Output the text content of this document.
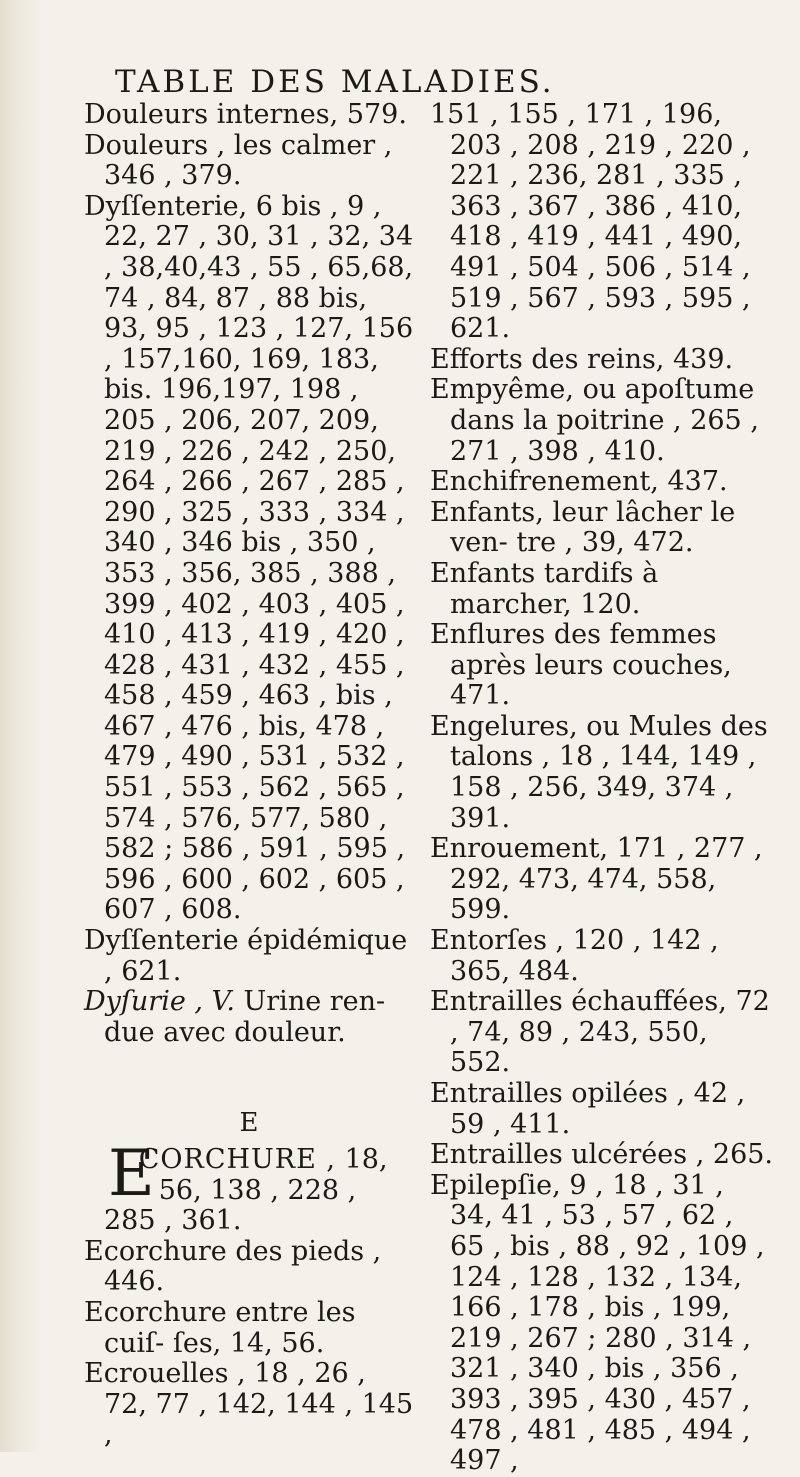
TABLE DES MALADIES.
Douleurs internes, 579.
Douleurs , les calmer , 346 , 379.
Dyſſenterie, 6 bis , 9 , 22, 27 , 30, 31 , 32, 34 , 38,40,43 , 55 , 65,68, 74 , 84, 87 , 88 bis, 93, 95 , 123 , 127, 156 , 157,160, 169, 183, bis. 196,197, 198 , 205 , 206, 207, 209, 219 , 226 , 242 , 250, 264 , 266 , 267 , 285 , 290 , 325 , 333 , 334 , 340 , 346 bis , 350 , 353 , 356, 385 , 388 , 399 , 402 , 403 , 405 , 410 , 413 , 419 , 420 , 428 , 431 , 432 , 455 , 458 , 459 , 463 , bis , 467 , 476 , bis, 478 , 479 , 490 , 531 , 532 , 551 , 553 , 562 , 565 , 574 , 576, 577, 580 , 582 ; 586 , 591 , 595 , 596 , 600 , 602 , 605 , 607 , 608.
Dyſſenterie épidémique , 621.
Dyſurie , V. Urine ren-due avec douleur.
E
E
CORCHURE , 18, 56, 138 , 228 , 285 , 361.
Ecorchure des pieds , 446.
Ecorchure entre les cuiſ- ſes, 14, 56.
Ecrouelles , 18 , 26 , 72, 77 , 142, 144 , 145 ,
151 , 155 , 171 , 196, 203 , 208 , 219 , 220 , 221 , 236, 281 , 335 , 363 , 367 , 386 , 410, 418 , 419 , 441 , 490, 491 , 504 , 506 , 514 , 519 , 567 , 593 , 595 , 621.
Efforts des reins, 439.
Empyême, ou apoſtume dans la poitrine , 265 , 271 , 398 , 410.
Enchifrenement, 437.
Enfants, leur lâcher le ven- tre , 39, 472.
Enfants tardifs à marcher, 120.
Enflures des femmes après leurs couches, 471.
Engelures, ou Mules des talons , 18 , 144, 149 , 158 , 256, 349, 374 , 391.
Enrouement, 171 , 277 , 292, 473, 474, 558, 599.
Entorſes , 120 , 142 , 365, 484.
Entrailles échauffées, 72 , 74, 89 , 243, 550, 552.
Entrailles opilées , 42 , 59 , 411.
Entrailles ulcérées , 265.
Epilepſie, 9 , 18 , 31 , 34, 41 , 53 , 57 , 62 , 65 , bis , 88 , 92 , 109 , 124 , 128 , 132 , 134, 166 , 178 , bis , 199, 219 , 267 ; 280 , 314 , 321 , 340 , bis , 356 , 393 , 395 , 430 , 457 , 478 , 481 , 485 , 494 , 497 ,
